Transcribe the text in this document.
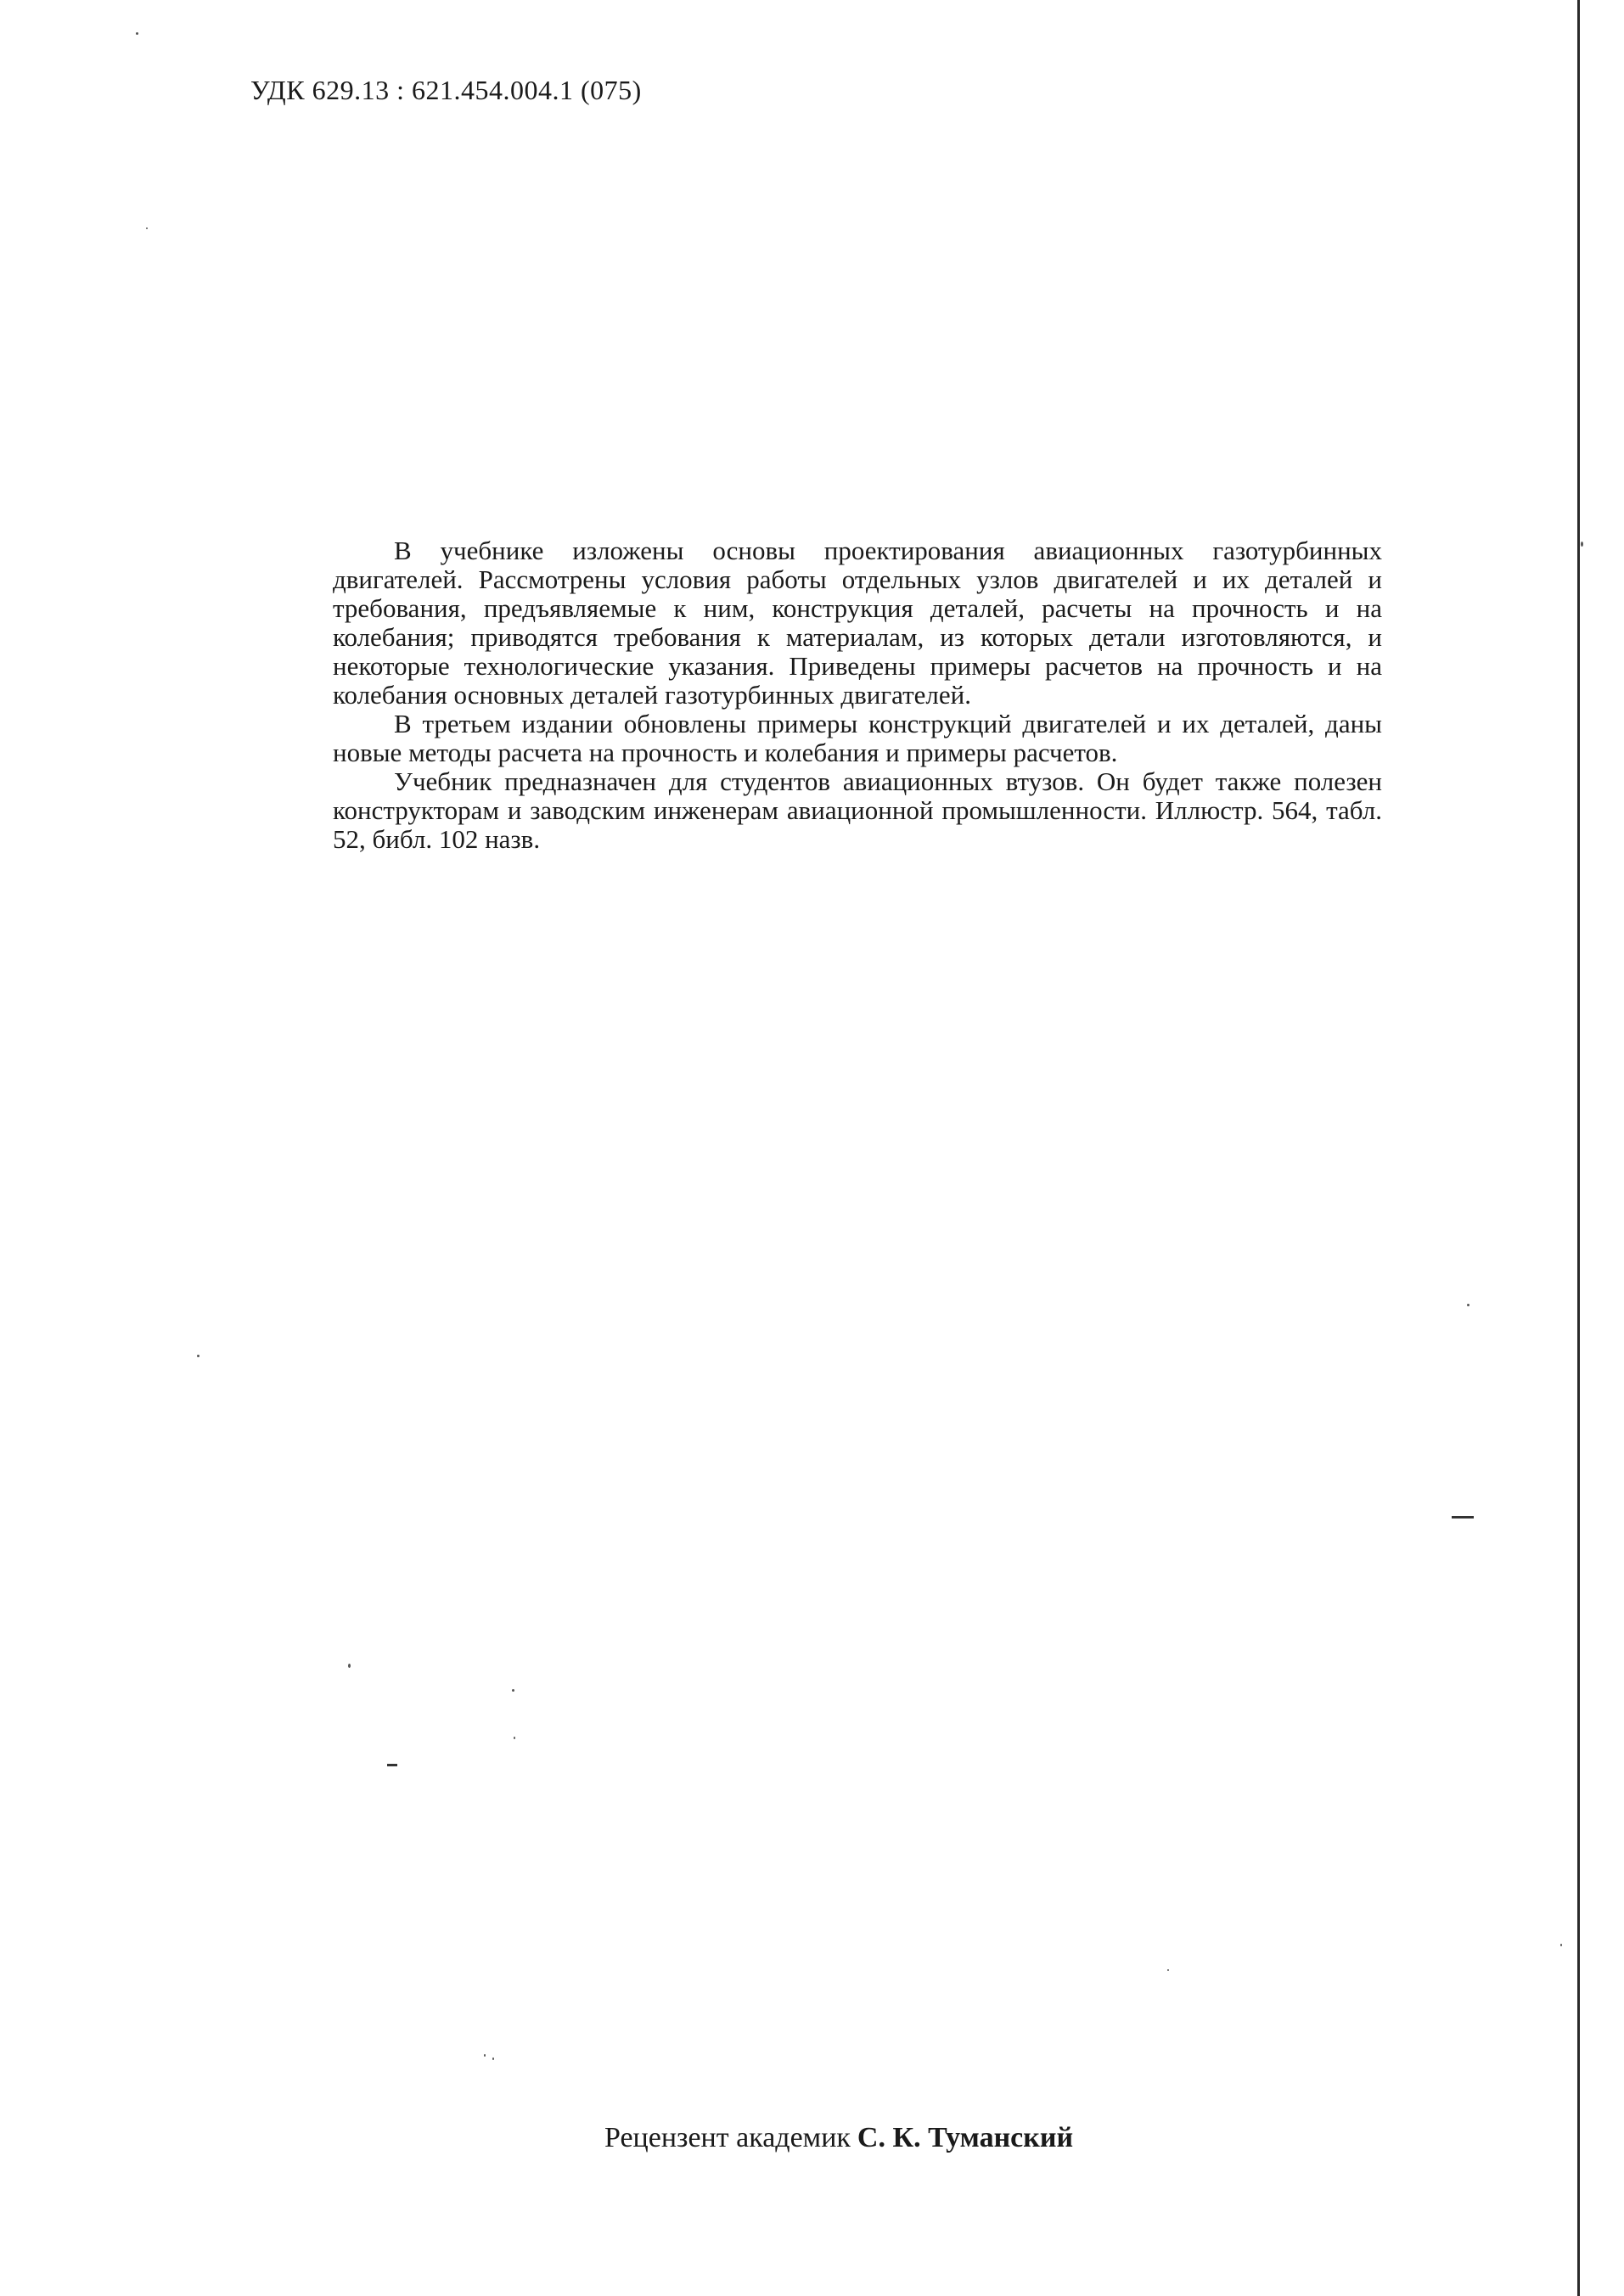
УДК 629.13 : 621.454.004.1 (075)

В учебнике изложены основы проектирования авиационных газотурбинных двигателей. Рассмотрены условия работы отдельных узлов двигателей и их деталей и требования, предъявляемые к ним, конструкция деталей, расчеты на прочность и на колебания; приводятся требования к материалам, из которых детали изготовляются, и некоторые технологические указания. Приведены примеры расчетов на прочность и на колебания основных деталей газотурбинных двигателей.

В третьем издании обновлены примеры конструкций двигателей и их деталей, даны новые методы расчета на прочность и колебания и примеры расчетов.

Учебник предназначен для студентов авиационных втузов. Он будет также полезен конструкторам и заводским инженерам авиационной промышленности. Иллюстр. 564, табл. 52, библ. 102 назв.

Рецензент академик С. К. Туманский
